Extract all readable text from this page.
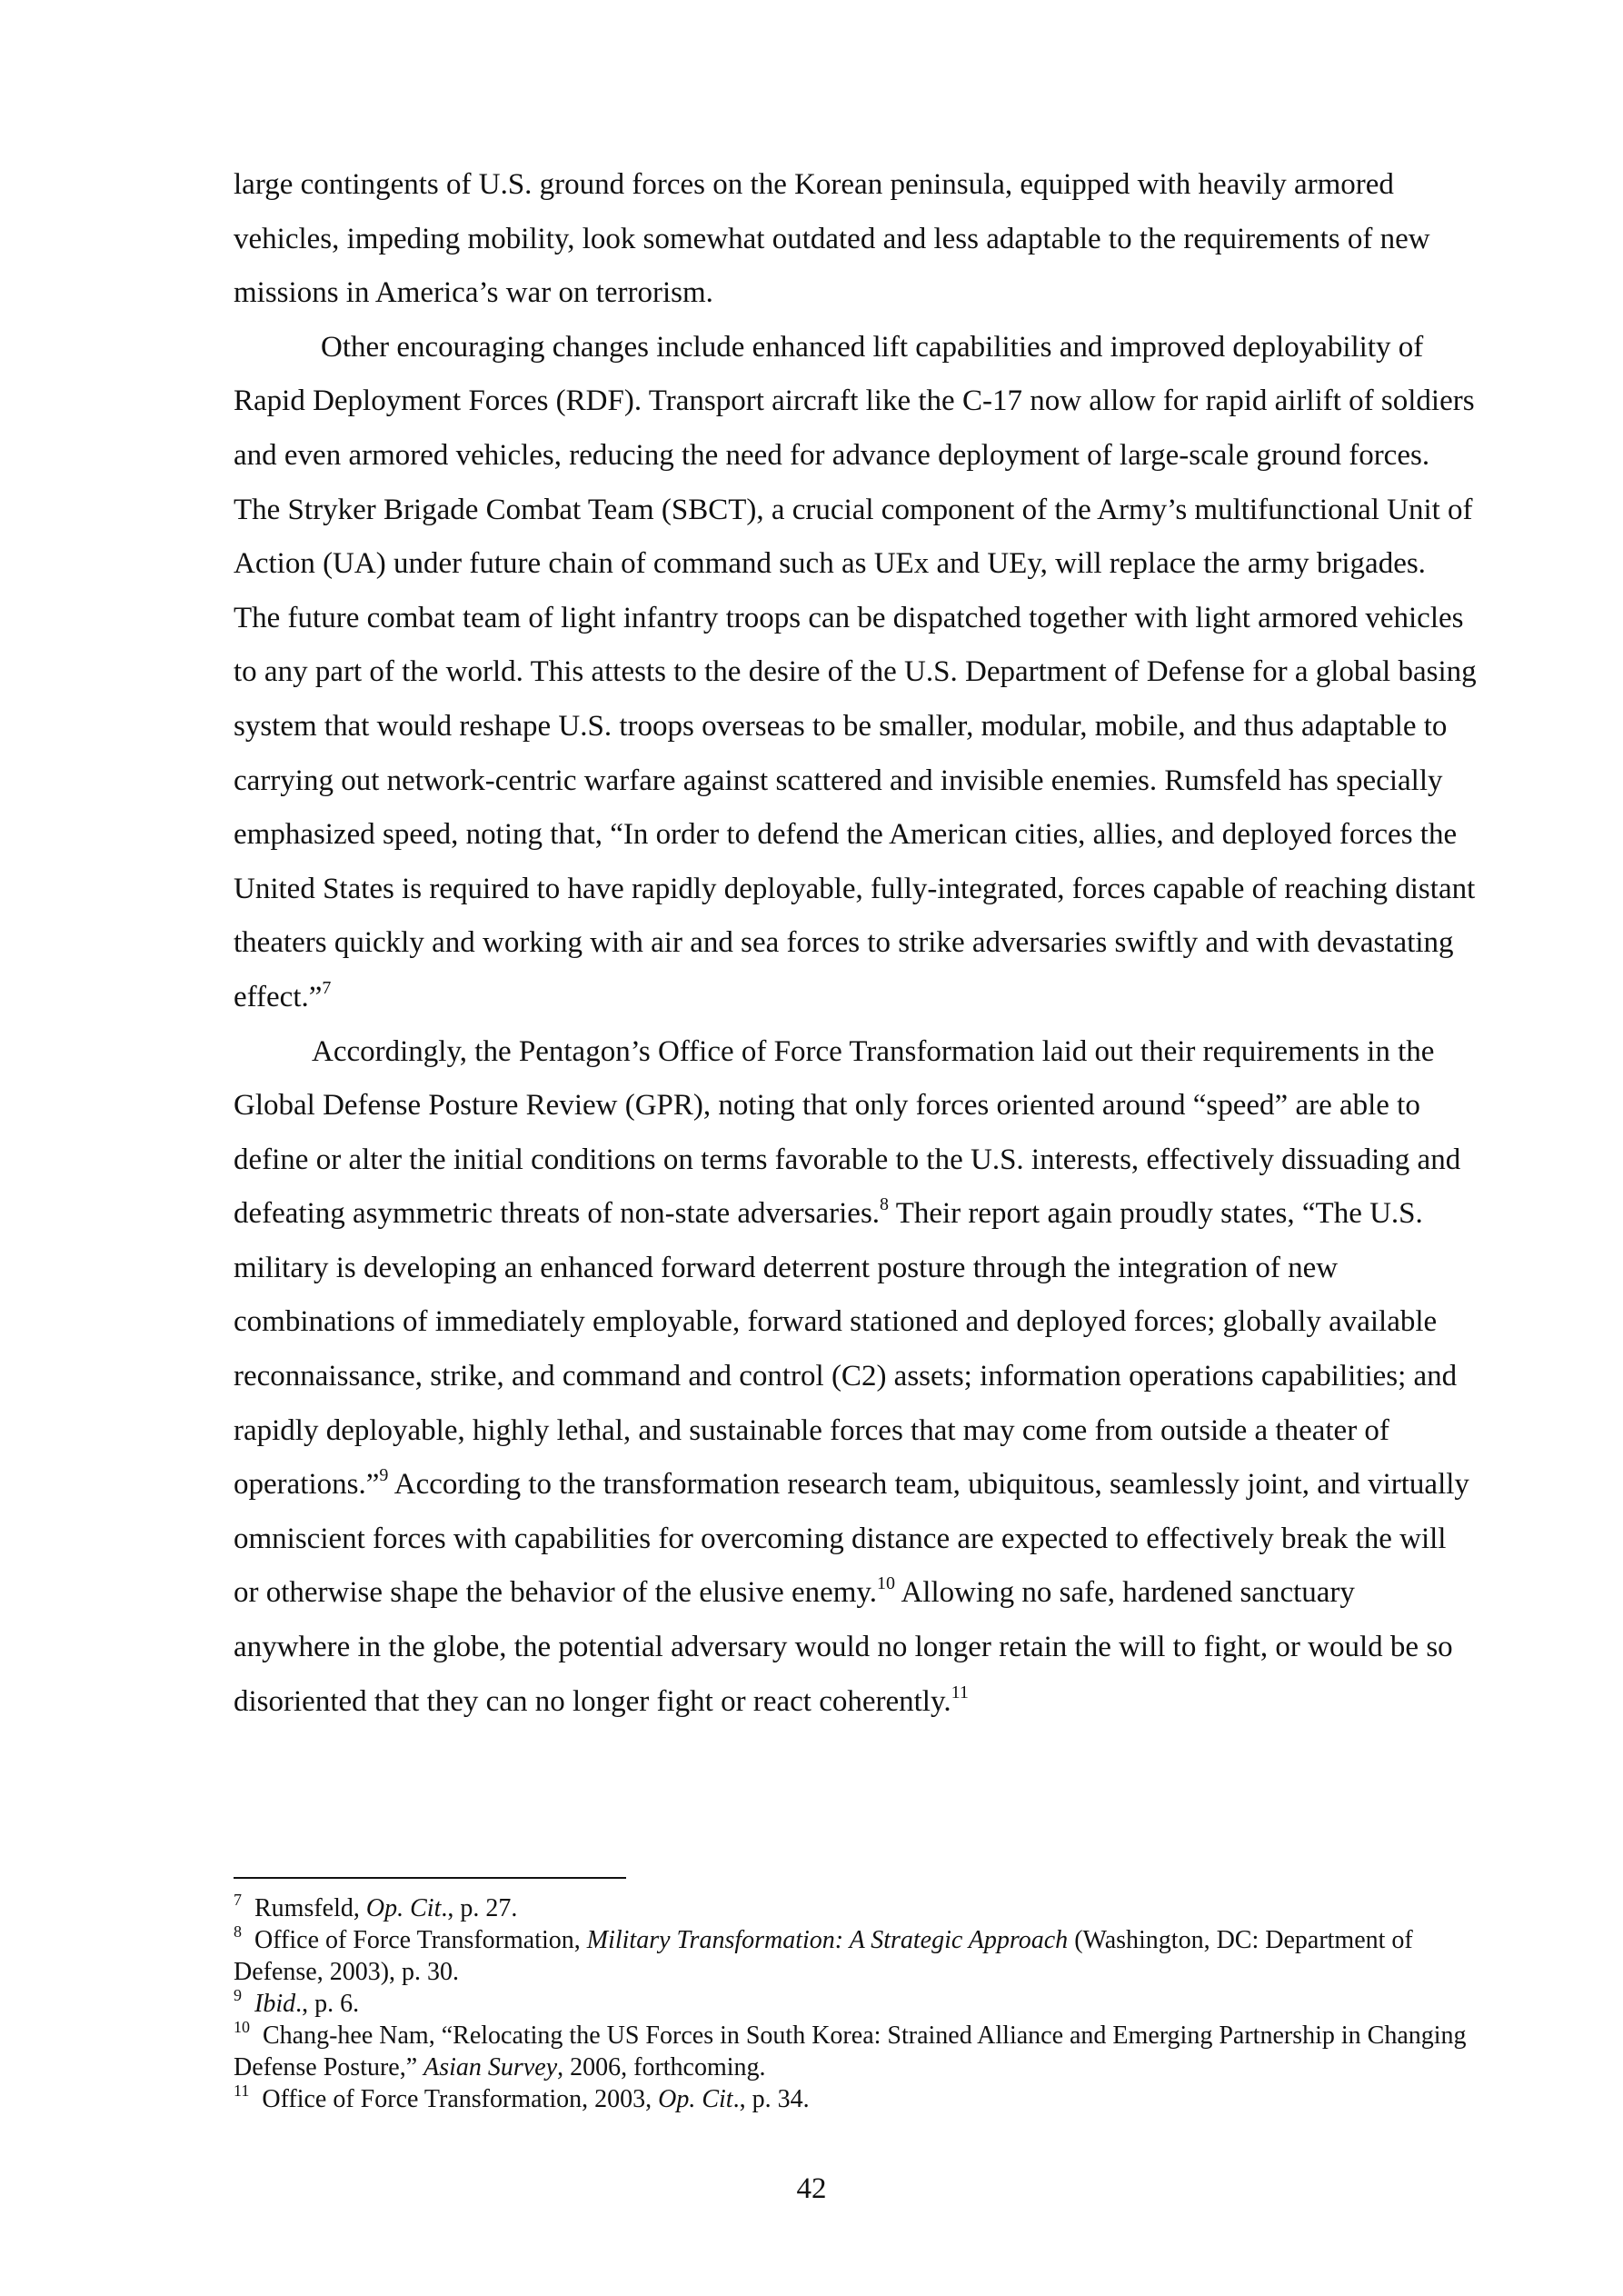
large contingents of U.S. ground forces on the Korean peninsula, equipped with heavily armored vehicles, impeding mobility, look somewhat outdated and less adaptable to the requirements of new missions in America’s war on terrorism.

Other encouraging changes include enhanced lift capabilities and improved deployability of Rapid Deployment Forces (RDF). Transport aircraft like the C-17 now allow for rapid airlift of soldiers and even armored vehicles, reducing the need for advance deployment of large-scale ground forces. The Stryker Brigade Combat Team (SBCT), a crucial component of the Army’s multifunctional Unit of Action (UA) under future chain of command such as UEx and UEy, will replace the army brigades. The future combat team of light infantry troops can be dispatched together with light armored vehicles to any part of the world. This attests to the desire of the U.S. Department of Defense for a global basing system that would reshape U.S. troops overseas to be smaller, modular, mobile, and thus adaptable to carrying out network-centric warfare against scattered and invisible enemies. Rumsfeld has specially emphasized speed, noting that, “In order to defend the American cities, allies, and deployed forces the United States is required to have rapidly deployable, fully-integrated, forces capable of reaching distant theaters quickly and working with air and sea forces to strike adversaries swiftly and with devastating effect.”$^7$

Accordingly, the Pentagon’s Office of Force Transformation laid out their requirements in the Global Defense Posture Review (GPR), noting that only forces oriented around “speed” are able to define or alter the initial conditions on terms favorable to the U.S. interests, effectively dissuading and defeating asymmetric threats of non-state adversaries.$^8$ Their report again proudly states, “The U.S. military is developing an enhanced forward deterrent posture through the integration of new combinations of immediately employable, forward stationed and deployed forces; globally available reconnaissance, strike, and command and control (C2) assets; information operations capabilities; and rapidly deployable, highly lethal, and sustainable forces that may come from outside a theater of operations.”$^9$ According to the transformation research team, ubiquitous, seamlessly joint, and virtually omniscient forces with capabilities for overcoming distance are expected to effectively break the will or otherwise shape the behavior of the elusive enemy.$^{10}$ Allowing no safe, hardened sanctuary anywhere in the globe, the potential adversary would no longer retain the will to fight, or would be so disoriented that they can no longer fight or react coherently.$^{11}$

$^7$ Rumsfeld, Op. Cit., p. 27.

$^8$ Office of Force Transformation, Military Transformation: A Strategic Approach (Washington, DC: Department of Defense, 2003), p. 30.

$^9$ Ibid., p. 6.

$^{10}$ Chang-hee Nam, “Relocating the US Forces in South Korea: Strained Alliance and Emerging Partnership in Changing Defense Posture,” Asian Survey, 2006, forthcoming.

$^{11}$ Office of Force Transformation, 2003, Op. Cit., p. 34.

42
